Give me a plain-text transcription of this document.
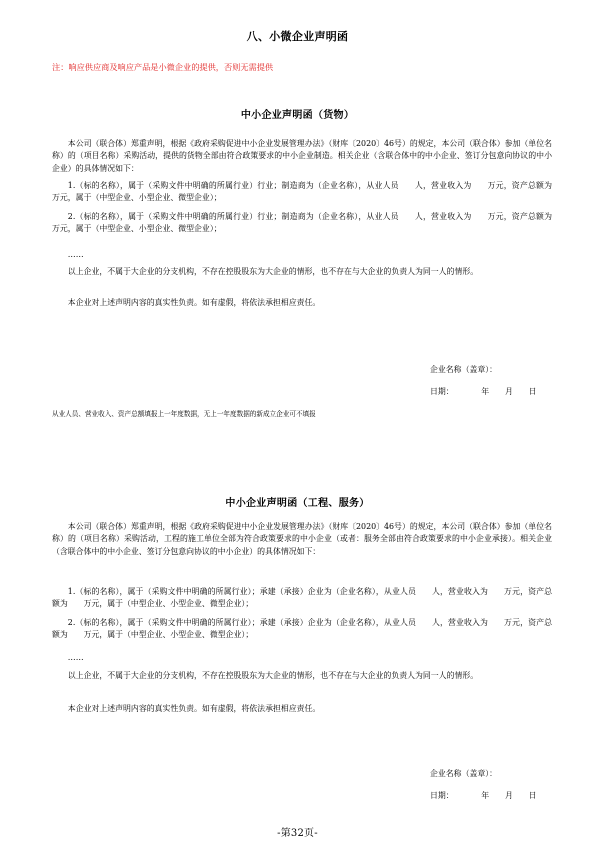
八、小微企业声明函
注：响应供应商及响应产品是小微企业的提供，否则无需提供
中小企业声明函（货物）
本公司（联合体）郑重声明，根据《政府采购促进中小企业发展管理办法》（财库〔2020〕46号）的规定，本公司（联合体）参加（单位名称）的（项目名称）采购活动，提供的货物全部由符合政策要求的中小企业制造。相关企业（含联合体中的中小企业、签订分包意向协议的中小企业）的具体情况如下：
1.（标的名称），属于（采购文件中明确的所属行业）行业；制造商为（企业名称），从业人员　　人，营业收入为　　万元，资产总额为　　万元，属于（中型企业、小型企业、微型企业）；
2.（标的名称），属于（采购文件中明确的所属行业）行业；制造商为（企业名称），从业人员　　人，营业收入为　　万元，资产总额为　　万元，属于（中型企业、小型企业、微型企业）；
……
以上企业，不属于大企业的分支机构，不存在控股股东为大企业的情形，也不存在与大企业的负责人为同一人的情形。
本企业对上述声明内容的真实性负责。如有虚假，将依法承担相应责任。
企业名称（盖章）：
日期：　　　　年　　月　　日
从业人员、营业收入、资产总额填报上一年度数据，无上一年度数据的新成立企业可不填报
中小企业声明函（工程、服务）
本公司（联合体）郑重声明，根据《政府采购促进中小企业发展管理办法》（财库〔2020〕46号）的规定，本公司（联合体）参加（单位名称）的（项目名称）采购活动，工程的施工单位全部为符合政策要求的中小企业（或者：服务全部由符合政策要求的中小企业承接）。相关企业（含联合体中的中小企业、签订分包意向协议的中小企业）的具体情况如下：
1.（标的名称），属于（采购文件中明确的所属行业）；承建（承接）企业为（企业名称），从业人员　　人，营业收入为　　万元，资产总额为　　万元，属于（中型企业、小型企业、微型企业）；
2.（标的名称），属于（采购文件中明确的所属行业）；承建（承接）企业为（企业名称），从业人员　　人，营业收入为　　万元，资产总额为　　万元，属于（中型企业、小型企业、微型企业）；
……
以上企业，不属于大企业的分支机构，不存在控股股东为大企业的情形，也不存在与大企业的负责人为同一人的情形。
本企业对上述声明内容的真实性负责。如有虚假，将依法承担相应责任。
企业名称（盖章）：
日期：　　　　年　　月　　日
-第32页-
